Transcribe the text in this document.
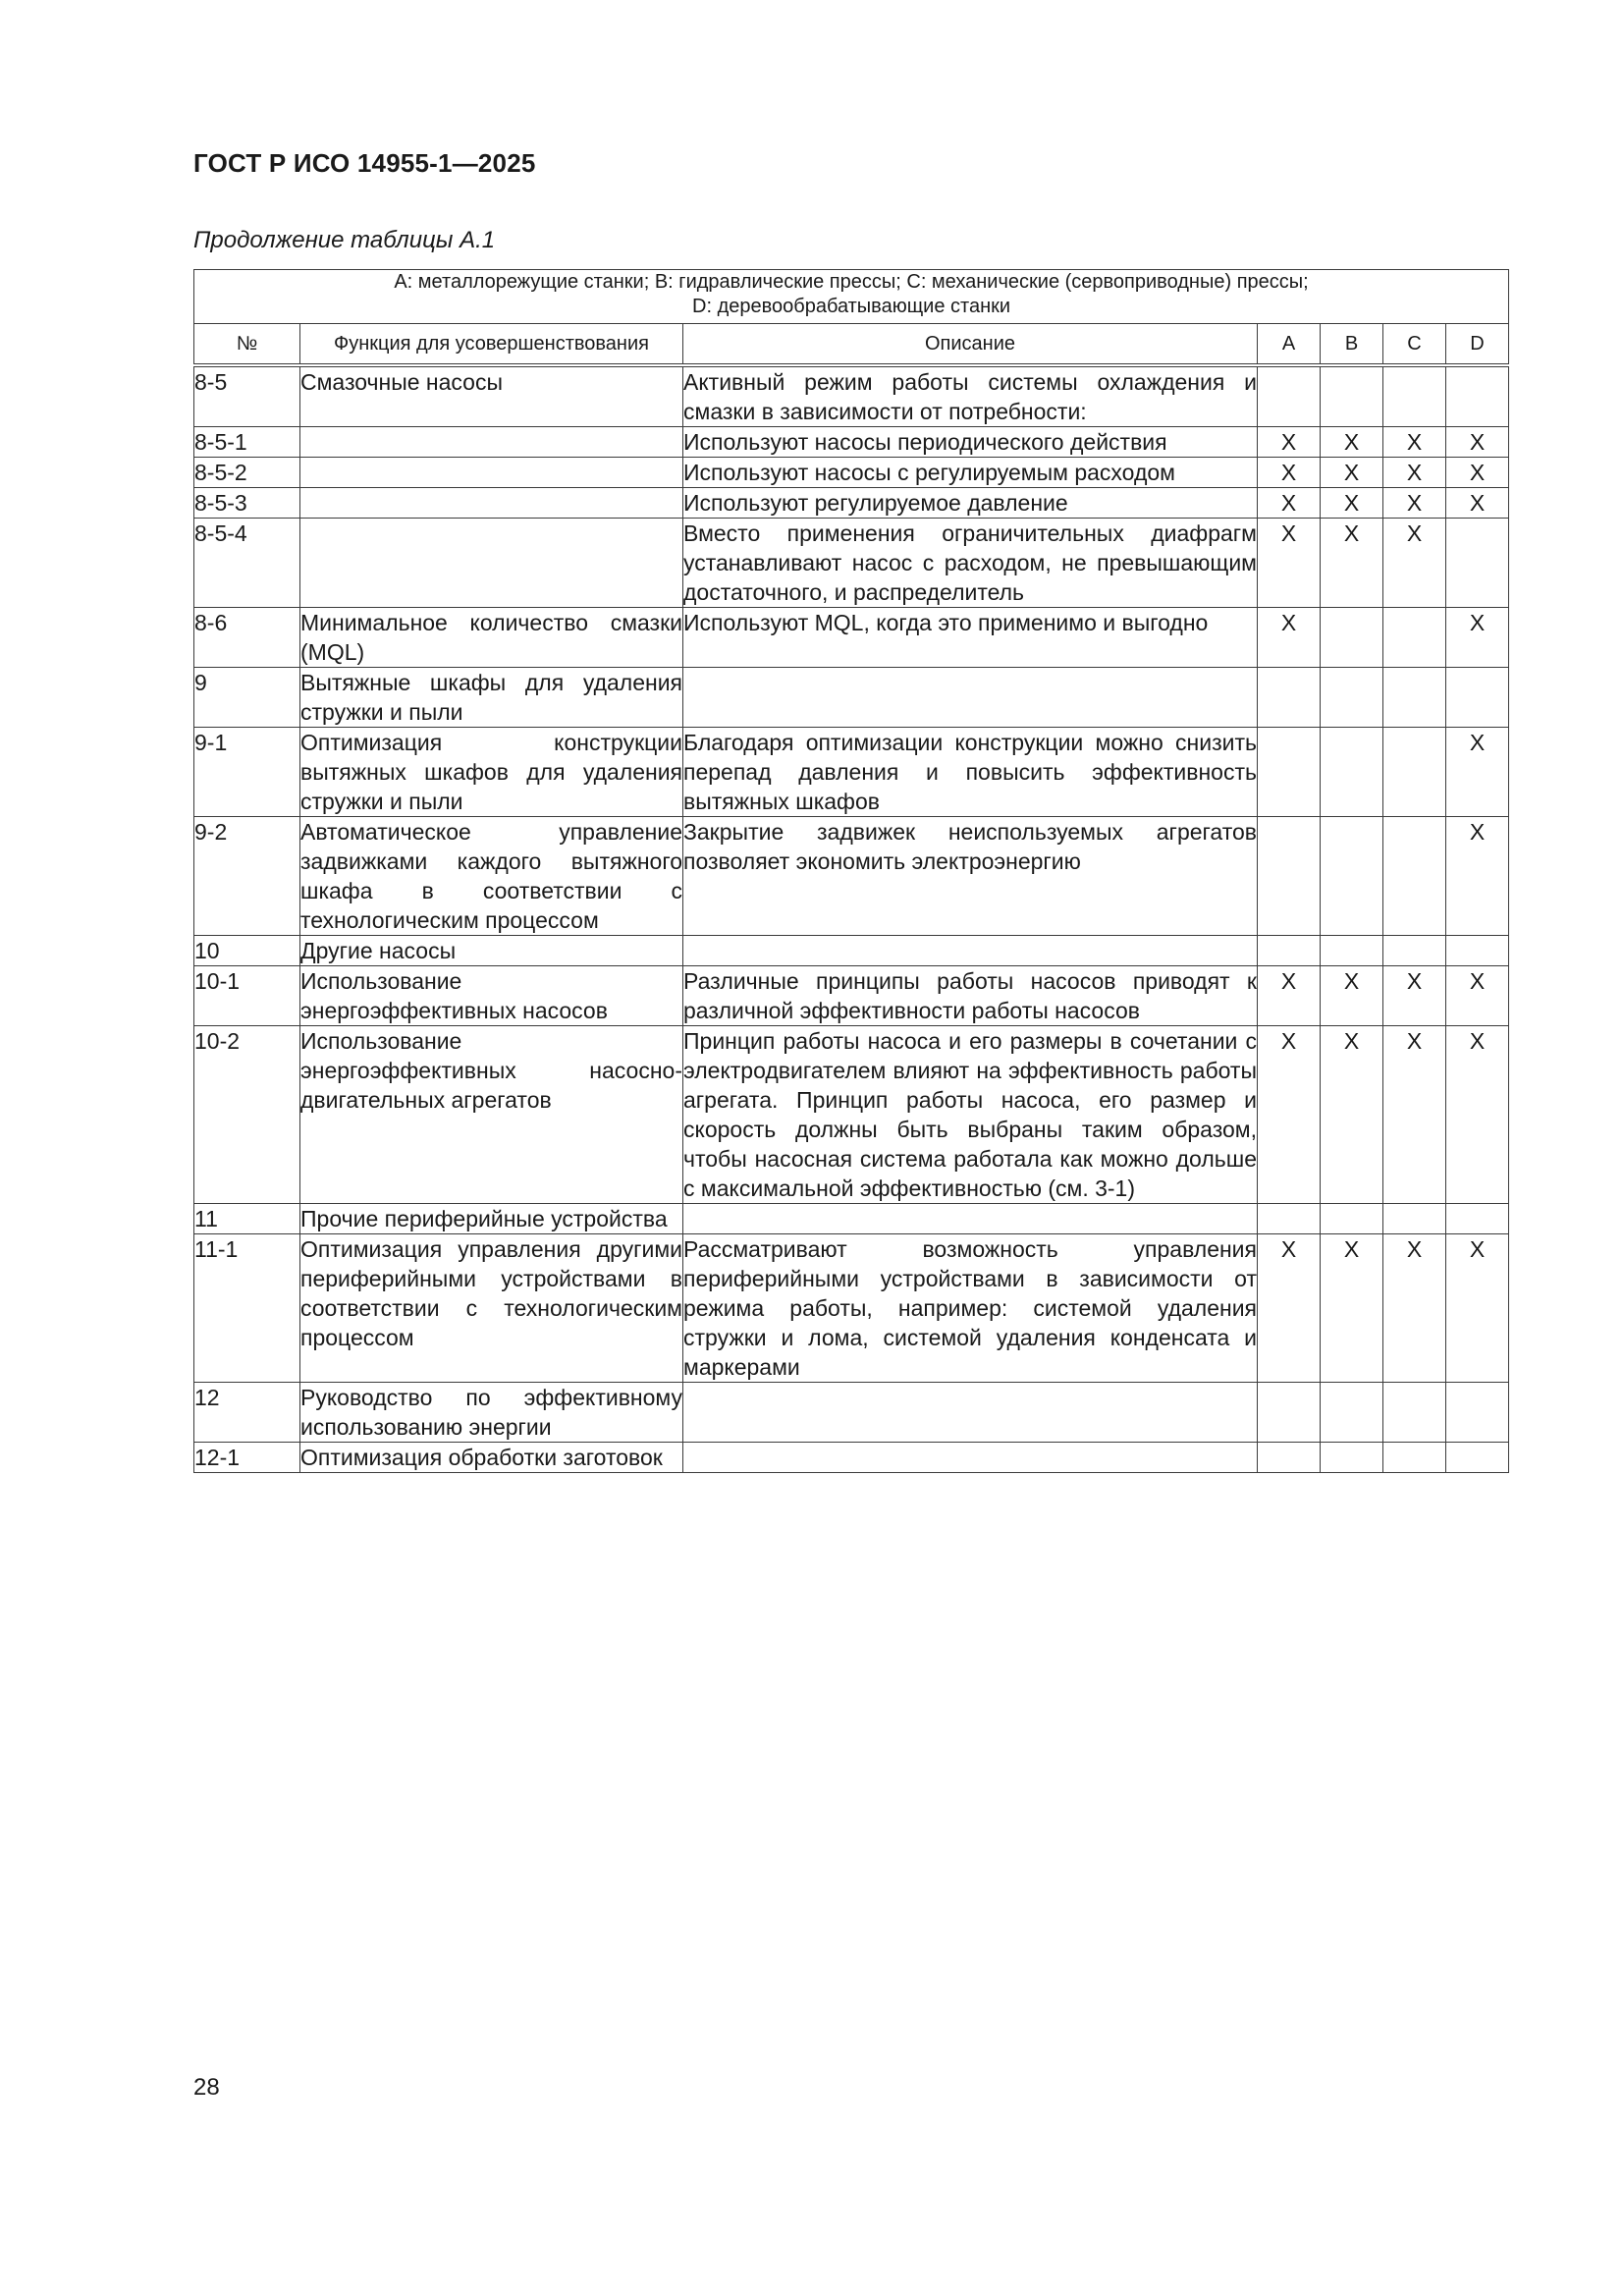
ГОСТ Р ИСО 14955-1—2025

Продолжение таблицы А.1

А: металлорежущие станки; В: гидравлические прессы; С: механические (сервоприводные) прессы;
D: деревообрабатывающие станки						

№	Функция для усовершенствования	Описание	А	В	С	D
8-5	Смазочные насосы	Активный режим работы системы охлаждения и смазки в зависимости от потребности:				
8-5-1		Используют насосы периодического действия	X	X	X	X
8-5-2		Используют насосы с регулируемым расходом	X	X	X	X
8-5-3		Используют регулируемое давление	X	X	X	X
8-5-4		Вместо применения ограничительных диафрагм устанавливают насос с расходом, не превышающим достаточного, и распределитель	X	X	X	
8-6	Минимальное количество смазки (MQL)	Используют MQL, когда это применимо и выгодно	X			X
9	Вытяжные шкафы для удаления стружки и пыли					
9-1	Оптимизация конструкции вытяжных шкафов для удаления стружки и пыли	Благодаря оптимизации конструкции можно снизить перепад давления и повысить эффективность вытяжных шкафов				X
9-2	Автоматическое управление задвижками каждого вытяжного шкафа в соответствии с технологическим процессом	Закрытие задвижек неиспользуемых агрегатов позволяет экономить электроэнергию				X
10	Другие насосы					
10-1	Использование энергоэффективных насосов	Различные принципы работы насосов приводят к различной эффективности работы насосов	X	X	X	X
10-2	Использование энергоэффективных насосно-двигательных агрегатов	Принцип работы насоса и его размеры в сочетании с электродвигателем влияют на эффективность работы агрегата. Принцип работы насоса, его размер и скорость должны быть выбраны таким образом, чтобы насосная система работала как можно дольше с максимальной эффективностью (см. 3-1)	X	X	X	X
11	Прочие периферийные устройства					
11-1	Оптимизация управления другими периферийными устройствами в соответствии с технологическим процессом	Рассматривают возможность управления периферийными устройствами в зависимости от режима работы, например: системой удаления стружки и лома, системой удаления конденсата и маркерами	X	X	X	X
12	Руководство по эффективному использованию энергии					
12-1	Оптимизация обработки заготовок					
28
